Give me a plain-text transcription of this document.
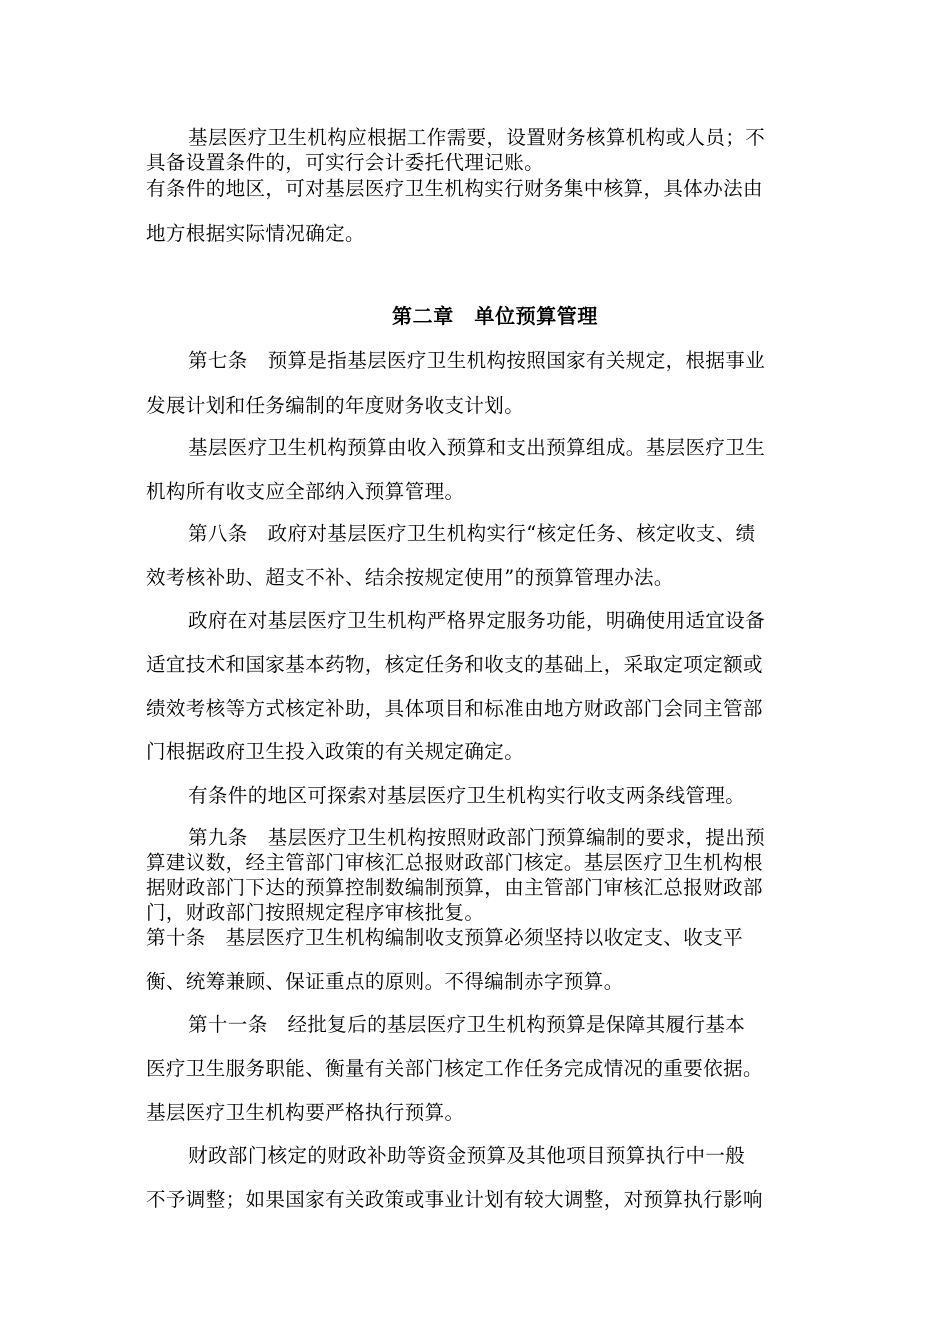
基层医疗卫生机构应根据工作需要，设置财务核算机构或人员；不
具备设置条件的，可实行会计委托代理记账。
有条件的地区，可对基层医疗卫生机构实行财务集中核算，具体办法由
地方根据实际情况确定。
第二章　单位预算管理
第七条　预算是指基层医疗卫生机构按照国家有关规定，根据事业
发展计划和任务编制的年度财务收支计划。
基层医疗卫生机构预算由收入预算和支出预算组成。基层医疗卫生
机构所有收支应全部纳入预算管理。
第八条　政府对基层医疗卫生机构实行“核定任务、核定收支、绩
效考核补助、超支不补、结余按规定使用”的预算管理办法。
政府在对基层医疗卫生机构严格界定服务功能，明确使用适宜设备
适宜技术和国家基本药物，核定任务和收支的基础上，采取定项定额或
绩效考核等方式核定补助，具体项目和标准由地方财政部门会同主管部
门根据政府卫生投入政策的有关规定确定。
有条件的地区可探索对基层医疗卫生机构实行收支两条线管理。
第九条　基层医疗卫生机构按照财政部门预算编制的要求，提出预
算建议数，经主管部门审核汇总报财政部门核定。基层医疗卫生机构根
据财政部门下达的预算控制数编制预算，由主管部门审核汇总报财政部
门，财政部门按照规定程序审核批复。
第十条　基层医疗卫生机构编制收支预算必须坚持以收定支、收支平
衡、统筹兼顾、保证重点的原则。不得编制赤字预算。
第十一条　经批复后的基层医疗卫生机构预算是保障其履行基本
医疗卫生服务职能、衡量有关部门核定工作任务完成情况的重要依据。
基层医疗卫生机构要严格执行预算。
财政部门核定的财政补助等资金预算及其他项目预算执行中一般
不予调整；如果国家有关政策或事业计划有较大调整，对预算执行影响
